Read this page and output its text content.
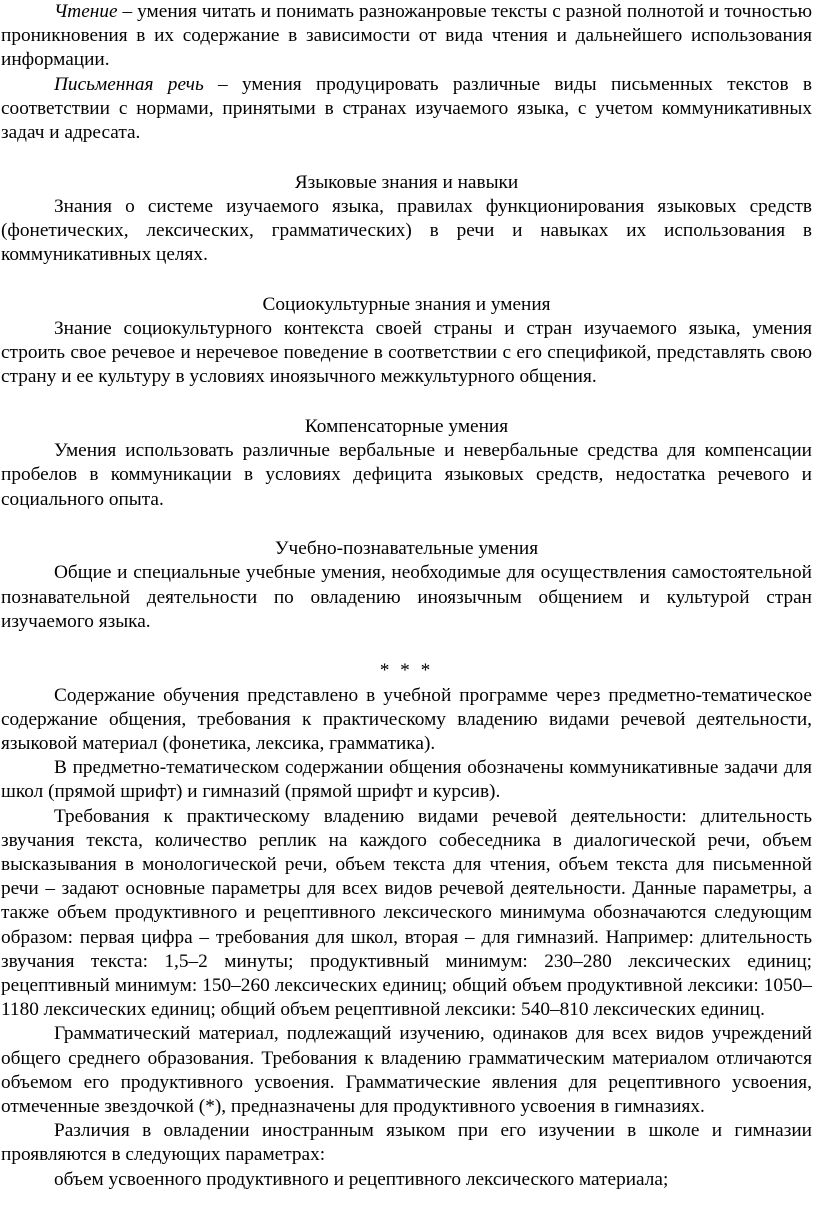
Чтение – умения читать и понимать разножанровые тексты с разной полнотой и точностью проникновения в их содержание в зависимости от вида чтения и дальнейшего использования информации.

Письменная речь – умения продуцировать различные виды письменных текстов в соответствии с нормами, принятыми в странах изучаемого языка, с учетом коммуникативных задач и адресата.

Языковые знания и навыки

Знания о системе изучаемого языка, правилах функционирования языковых средств (фонетических, лексических, грамматических) в речи и навыках их использования в коммуникативных целях.

Социокультурные знания и умения

Знание социокультурного контекста своей страны и стран изучаемого языка, умения строить свое речевое и неречевое поведение в соответствии с его спецификой, представлять свою страну и ее культуру в условиях иноязычного межкультурного общения.

Компенсаторные умения

Умения использовать различные вербальные и невербальные средства для компенсации пробелов в коммуникации в условиях дефицита языковых средств, недостатка речевого и социального опыта.

Учебно-познавательные умения

Общие и специальные учебные умения, необходимые для осуществления самостоятельной познавательной деятельности по овладению иноязычным общением и культурой стран изучаемого языка.

* * *

Содержание обучения представлено в учебной программе через предметно-тематическое содержание общения, требования к практическому владению видами речевой деятельности, языковой материал (фонетика, лексика, грамматика).

В предметно-тематическом содержании общения обозначены коммуникативные задачи для школ (прямой шрифт) и гимназий (прямой шрифт и курсив).

Требования к практическому владению видами речевой деятельности: длительность звучания текста, количество реплик на каждого собеседника в диалогической речи, объем высказывания в монологической речи, объем текста для чтения, объем текста для письменной речи – задают основные параметры для всех видов речевой деятельности. Данные параметры, а также объем продуктивного и рецептивного лексического минимума обозначаются следующим образом: первая цифра – требования для школ, вторая – для гимназий. Например: длительность звучания текста: 1,5–2 минуты; продуктивный минимум: 230–280 лексических единиц; рецептивный минимум: 150–260 лексических единиц; общий объем продуктивной лексики: 1050–1180 лексических единиц; общий объем рецептивной лексики: 540–810 лексических единиц.

Грамматический материал, подлежащий изучению, одинаков для всех видов учреждений общего среднего образования. Требования к владению грамматическим материалом отличаются объемом его продуктивного усвоения. Грамматические явления для рецептивного усвоения, отмеченные звездочкой (*), предназначены для продуктивного усвоения в гимназиях.

Различия в овладении иностранным языком при его изучении в школе и гимназии проявляются в следующих параметрах:

объем усвоенного продуктивного и рецептивного лексического материала;
